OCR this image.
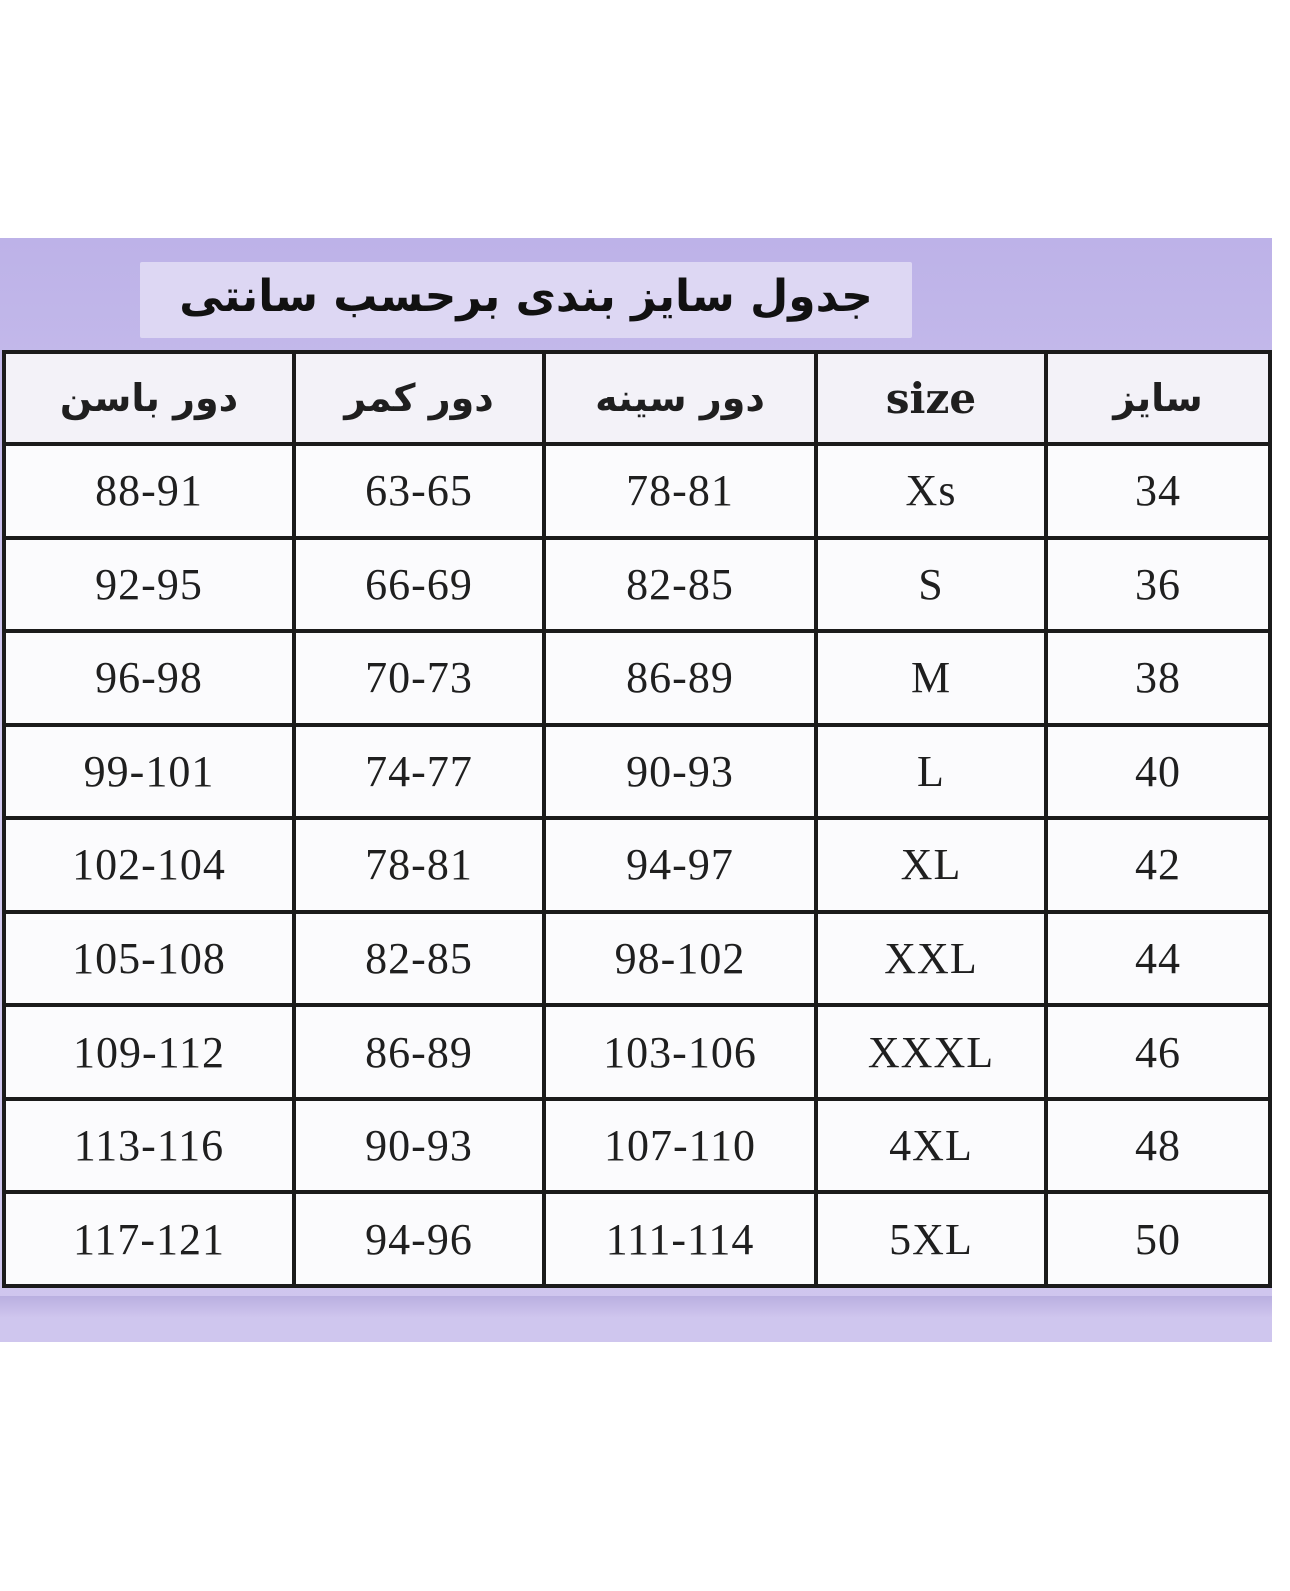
جدول سایز بندی برحسب سانتی
سایز	size	دور سینه	دور کمر	دور باسن
34	Xs	78-81	63-65	88-91
36	S	82-85	66-69	92-95
38	M	86-89	70-73	96-98
40	L	90-93	74-77	99-101
42	XL	94-97	78-81	102-104
44	XXL	98-102	82-85	105-108
46	XXXL	103-106	86-89	109-112
48	4XL	107-110	90-93	113-116
50	5XL	111-114	94-96	117-121
